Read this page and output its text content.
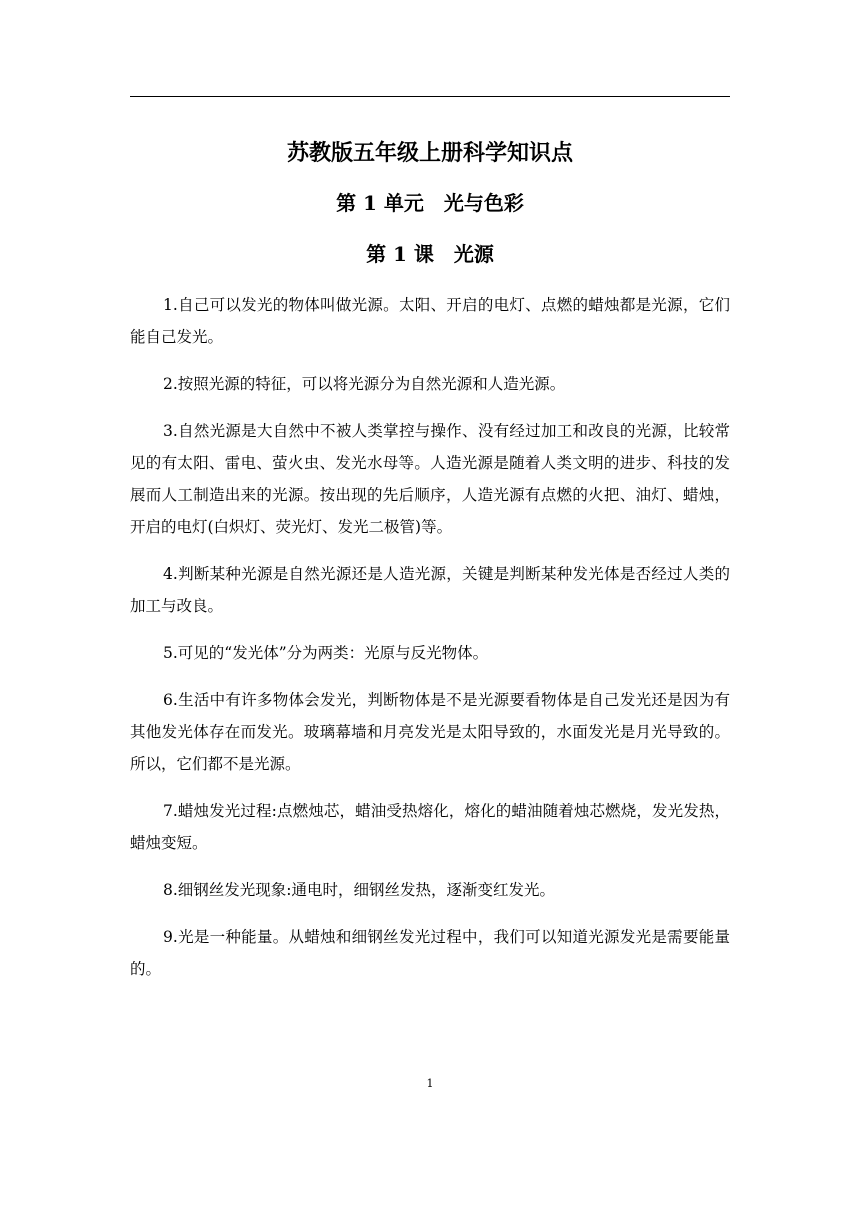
苏教版五年级上册科学知识点
第 1 单元　光与色彩
第 1 课　光源

1.自己可以发光的物体叫做光源。太阳、开启的电灯、点燃的蜡烛都是光源，它们能自己发光。

2.按照光源的特征，可以将光源分为自然光源和人造光源。

3.自然光源是大自然中不被人类掌控与操作、没有经过加工和改良的光源，比较常见的有太阳、雷电、萤火虫、发光水母等。人造光源是随着人类文明的进步、科技的发展而人工制造出来的光源。按出现的先后顺序，人造光源有点燃的火把、油灯、蜡烛，开启的电灯(白炽灯、荧光灯、发光二极管)等。

4.判断某种光源是自然光源还是人造光源，关键是判断某种发光体是否经过人类的加工与改良。

5.可见的“发光体”分为两类：光原与反光物体。

6.生活中有许多物体会发光，判断物体是不是光源要看物体是自己发光还是因为有其他发光体存在而发光。玻璃幕墙和月亮发光是太阳导致的，水面发光是月光导致的。所以，它们都不是光源。

7.蜡烛发光过程:点燃烛芯，蜡油受热熔化，熔化的蜡油随着烛芯燃烧，发光发热，蜡烛变短。

8.细钢丝发光现象:通电时，细钢丝发热，逐渐变红发光。

9.光是一种能量。从蜡烛和细钢丝发光过程中，我们可以知道光源发光是需要能量的。

1
